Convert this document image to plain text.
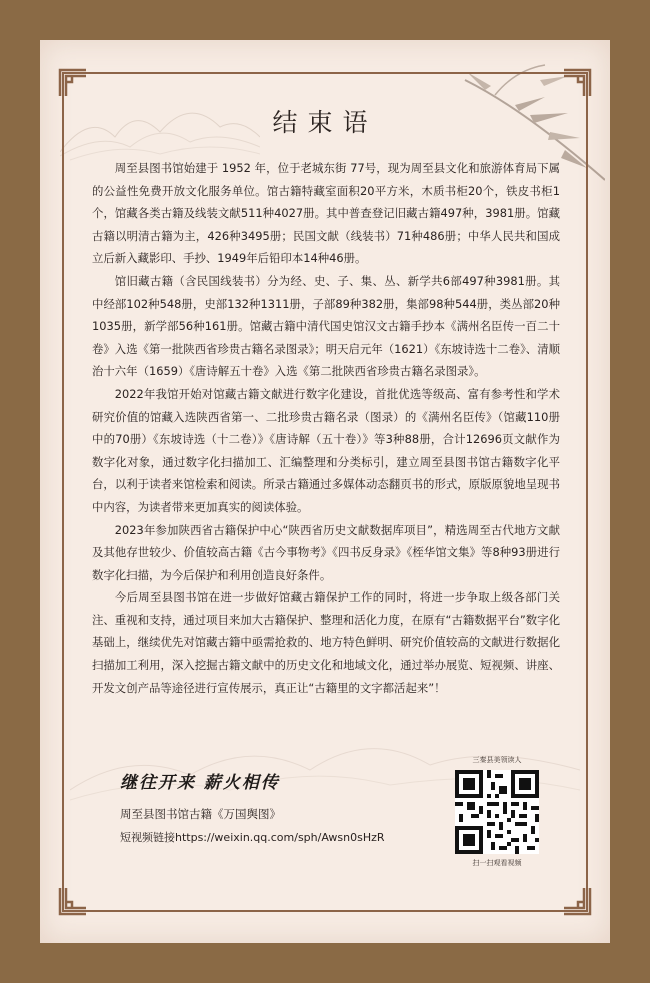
结束语

周至县图书馆始建于 1952 年，位于老城东街 77号，现为周至县文化和旅游体育局下属的公益性免费开放文化服务单位。馆古籍特藏室面积20平方米，木质书柜20个，铁皮书柜1个，馆藏各类古籍及线装文献511种4027册。其中普查登记旧藏古籍497种，3981册。馆藏古籍以明清古籍为主，426种3495册；民国文献（线装书）71种486册；中华人民共和国成立后新入藏影印、手抄、1949年后铅印本14种46册。

馆旧藏古籍（含民国线装书）分为经、史、子、集、丛、新学共6部497种3981册。其中经部102种548册，史部132种1311册，子部89种382册，集部98种544册，类丛部20种1035册，新学部56种161册。馆藏古籍中清代国史馆汉文古籍手抄本《满州名臣传一百二十卷》入选《第一批陕西省珍贵古籍名录图录》；明天启元年（1621）《东坡诗选十二卷》、清顺治十六年（1659）《唐诗解五十卷》入选《第二批陕西省珍贵古籍名录图录》。

2022年我馆开始对馆藏古籍文献进行数字化建设，首批优选等级高、富有参考性和学术研究价值的馆藏入选陕西省第一、二批珍贵古籍名录（图录）的《满州名臣传》（馆藏110册中的70册）《东坡诗选（十二卷）》《唐诗解（五十卷）》等3种88册，合计12696页文献作为数字化对象，通过数字化扫描加工、汇编整理和分类标引，建立周至县图书馆古籍数字化平台，以利于读者来馆检索和阅读。所录古籍通过多媒体动态翻页书的形式，原版原貌地呈现书中内容，为读者带来更加真实的阅读体验。

2023年参加陕西省古籍保护中心“陕西省历史文献数据库项目”，精选周至古代地方文献及其他存世较少、价值较高古籍《古今事物考》《四书反身录》《桎华馆文集》等8种93册进行数字化扫描，为今后保护和利用创造良好条件。

今后周至县图书馆在进一步做好馆藏古籍保护工作的同时，将进一步争取上级各部门关注、重视和支持，通过项目来加大古籍保护、整理和活化力度，在原有“古籍数据平台”数字化基础上，继续优先对馆藏古籍中亟需抢救的、地方特色鲜明、研究价值较高的文献进行数据化扫描加工利用，深入挖掘古籍文献中的历史文化和地域文化，通过举办展览、短视频、讲座、开发文创产品等途径进行宣传展示，真正让“古籍里的文字都活起来”！

继往开来 薪火相传
周至县图书馆古籍《万国舆图》
短视频链接https://weixin.qq.com/sph/Awsn0sHzR
三秦县美领读人
扫一扫观看视频
